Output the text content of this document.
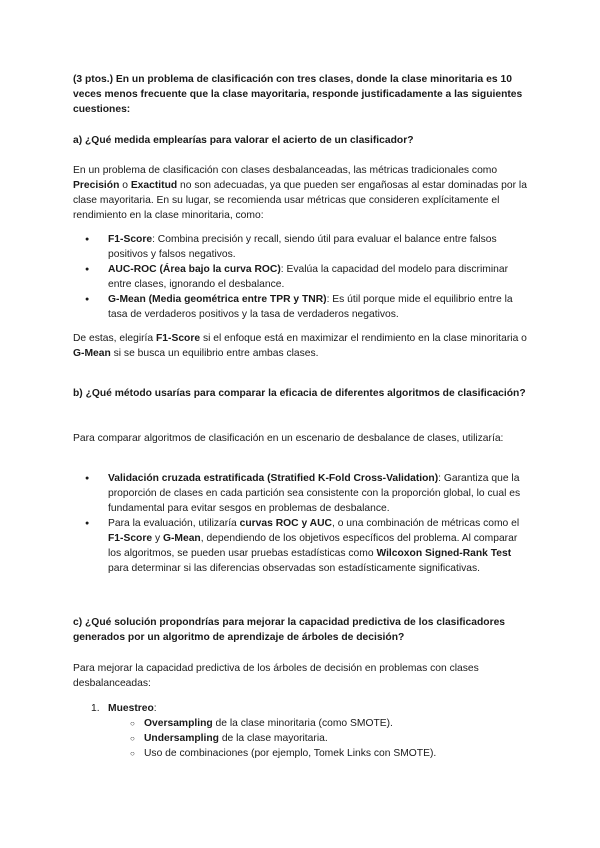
(3 ptos.) En un problema de clasificación con tres clases, donde la clase minoritaria es 10 veces menos frecuente que la clase mayoritaria, responde justificadamente a las siguientes cuestiones:

a) ¿Qué medida emplearías para valorar el acierto de un clasificador?

En un problema de clasificación con clases desbalanceadas, las métricas tradicionales como Precisión o Exactitud no son adecuadas, ya que pueden ser engañosas al estar dominadas por la clase mayoritaria. En su lugar, se recomienda usar métricas que consideren explícitamente el rendimiento en la clase minoritaria, como:

● F1-Score: Combina precisión y recall, siendo útil para evaluar el balance entre falsos positivos y falsos negativos.
● AUC-ROC (Área bajo la curva ROC): Evalúa la capacidad del modelo para discriminar entre clases, ignorando el desbalance.
● G-Mean (Media geométrica entre TPR y TNR): Es útil porque mide el equilibrio entre la tasa de verdaderos positivos y la tasa de verdaderos negativos.

De estas, elegiría F1-Score si el enfoque está en maximizar el rendimiento en la clase minoritaria o G-Mean si se busca un equilibrio entre ambas clases.

b) ¿Qué método usarías para comparar la eficacia de diferentes algoritmos de clasificación?

Para comparar algoritmos de clasificación en un escenario de desbalance de clases, utilizaría:

● Validación cruzada estratificada (Stratified K-Fold Cross-Validation): Garantiza que la proporción de clases en cada partición sea consistente con la proporción global, lo cual es fundamental para evitar sesgos en problemas de desbalance.
● Para la evaluación, utilizaría curvas ROC y AUC, o una combinación de métricas como el F1-Score y G-Mean, dependiendo de los objetivos específicos del problema. Al comparar los algoritmos, se pueden usar pruebas estadísticas como Wilcoxon Signed-Rank Test para determinar si las diferencias observadas son estadísticamente significativas.

c) ¿Qué solución propondrías para mejorar la capacidad predictiva de los clasificadores generados por un algoritmo de aprendizaje de árboles de decisión?

Para mejorar la capacidad predictiva de los árboles de decisión en problemas con clases desbalanceadas:

1. Muestreo:
○ Oversampling de la clase minoritaria (como SMOTE).
○ Undersampling de la clase mayoritaria.
○ Uso de combinaciones (por ejemplo, Tomek Links con SMOTE).
